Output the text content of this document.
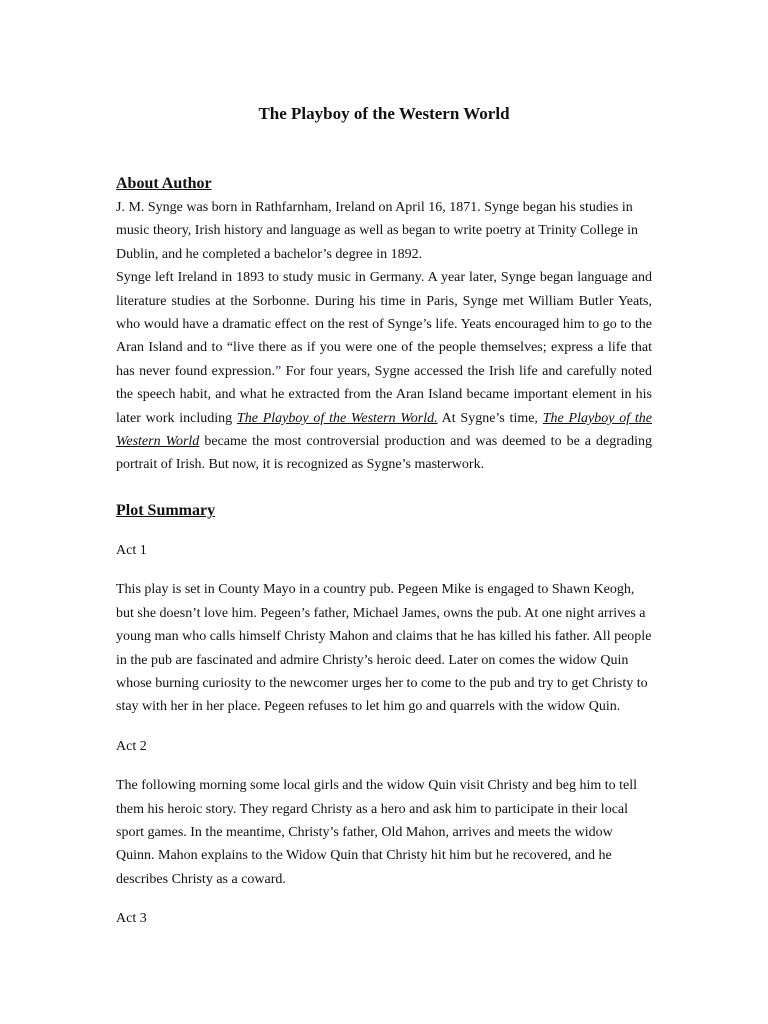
The Playboy of the Western World
About Author

J. M. Synge was born in Rathfarnham, Ireland on April 16, 1871. Synge began his studies in music theory, Irish history and language as well as began to write poetry at Trinity College in Dublin, and he completed a bachelor’s degree in 1892.

Synge left Ireland in 1893 to study music in Germany. A year later, Synge began language and literature studies at the Sorbonne. During his time in Paris, Synge met William Butler Yeats, who would have a dramatic effect on the rest of Synge’s life. Yeats encouraged him to go to the Aran Island and to “live there as if you were one of the people themselves; express a life that has never found expression.” For four years, Sygne accessed the Irish life and carefully noted the speech habit, and what he extracted from the Aran Island became important element in his later work including The Playboy of the Western World. At Sygne’s time, The Playboy of the Western World became the most controversial production and was deemed to be a degrading portrait of Irish. But now, it is recognized as Sygne’s masterwork.

Plot Summary

Act 1

This play is set in County Mayo in a country pub. Pegeen Mike is engaged to Shawn Keogh, but she doesn’t love him. Pegeen’s father, Michael James, owns the pub. At one night arrives a young man who calls himself Christy Mahon and claims that he has killed his father. All people in the pub are fascinated and admire Christy’s heroic deed. Later on comes the widow Quin whose burning curiosity to the newcomer urges her to come to the pub and try to get Christy to stay with her in her place. Pegeen refuses to let him go and quarrels with the widow Quin.

Act 2

The following morning some local girls and the widow Quin visit Christy and beg him to tell them his heroic story. They regard Christy as a hero and ask him to participate in their local sport games. In the meantime, Christy’s father, Old Mahon, arrives and meets the widow Quinn. Mahon explains to the Widow Quin that Christy hit him but he recovered, and he describes Christy as a coward.

Act 3
